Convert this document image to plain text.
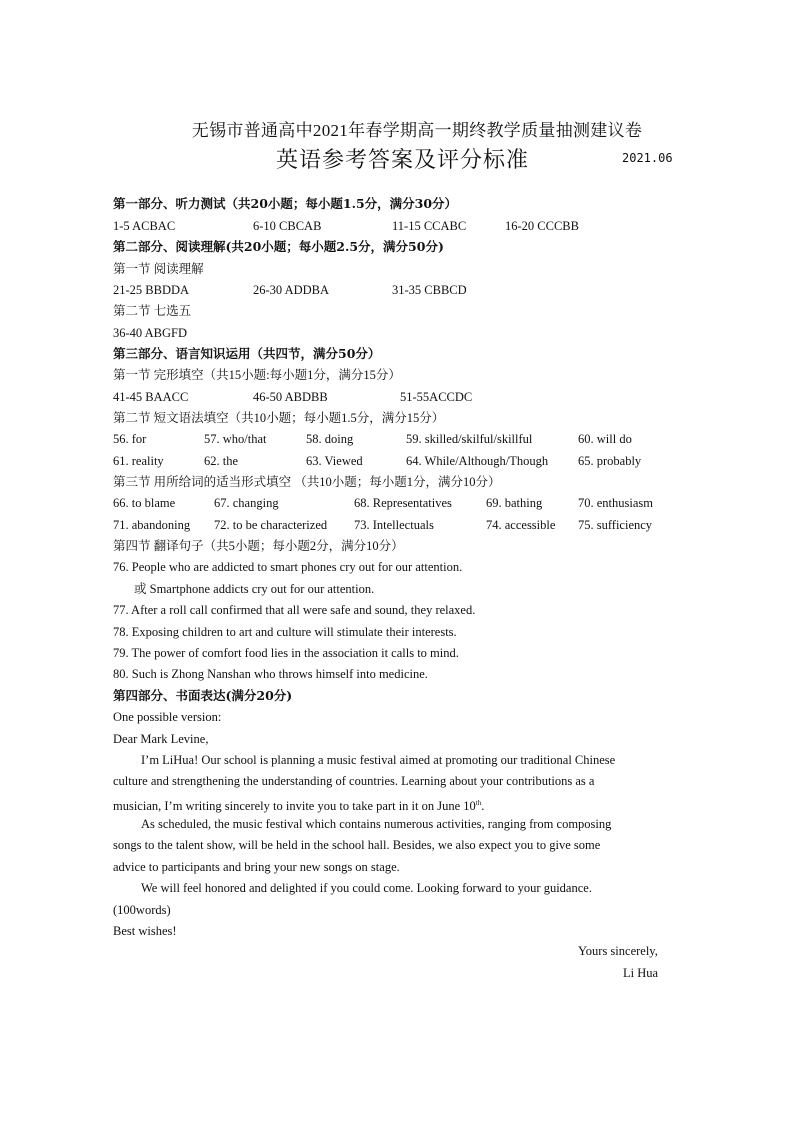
无锡市普通高中2021年春学期高一期终教学质量抽测建议卷
英语参考答案及评分标准	2021.06
第一部分、听力测试（共20小题；每小题1.5分，满分30分）
1-5 ACBAC	6-10 CBCAB	11-15 CCABC	16-20 CCCBB
第二部分、阅读理解(共20小题；每小题2.5分，满分50分)
第一节 阅读理解
21-25 BBDDA	26-30 ADDBA	31-35 CBBCD
第二节 七选五
36-40 ABGFD
第三部分、语言知识运用（共四节，满分50分）
第一节 完形填空（共15小题:每小题1分，满分15分）
41-45 BAACC	46-50 ABDBB	51-55ACCDC
第二节 短文语法填空（共10小题；每小题1.5分，满分15分）
56. for	57. who/that	58. doing	59. skilled/skilful/skillful	60. will do
61. reality	62. the	63. Viewed	64. While/Although/Though 65. probably
第三节 用所给词的适当形式填空 （共10小题；每小题1分，满分10分）
66. to blame	67. changing	68. Representatives	69. bathing	70. enthusiasm
71. abandoning 72. to be characterized 73. Intellectuals	74. accessible 75. sufficiency
第四节 翻译句子（共5小题；每小题2分，满分10分）
76. People who are addicted to smart phones cry out for our attention.
或 Smartphone addicts cry out for our attention.
77. After a roll call confirmed that all were safe and sound, they relaxed.
78. Exposing children to art and culture will stimulate their interests.
79. The power of comfort food lies in the association it calls to mind.
80. Such is Zhong Nanshan who throws himself into medicine.
第四部分、书面表达(满分20分)
One possible version:
Dear Mark Levine,
I’m LiHua! Our school is planning a music festival aimed at promoting our traditional Chinese
culture and strengthening the understanding of countries. Learning about your contributions as a
musician, I’m writing sincerely to invite you to take part in it on June 10th.
As scheduled, the music festival which contains numerous activities, ranging from composing
songs to the talent show, will be held in the school hall. Besides, we also expect you to give some
advice to participants and bring your new songs on stage.
We will feel honored and delighted if you could come. Looking forward to your guidance.
(100words)
Best wishes!
Yours sincerely,
Li Hua
